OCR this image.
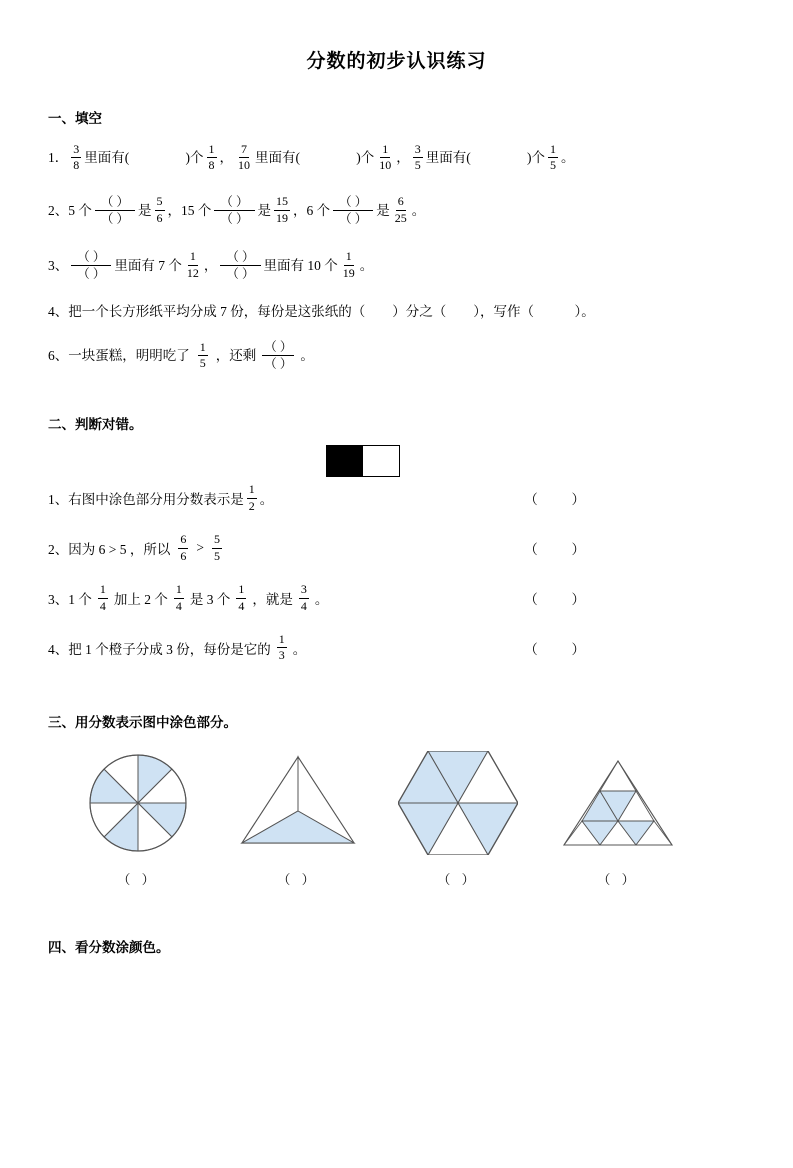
分数的初步认识练习
一、填空
1． $\frac{3}{8}$ 里面有(
	)个 $\frac{1}{8}$ ， $\frac{7}{10}$ 里面有(
	)个 $\frac{1}{10}$ ， $\frac{3}{5}$ 里面有(
	)个 $\frac{1}{5}$ 。
2、 5 个 $\frac{( )}{( )}$ 是 $\frac{5}{6}$ ，15 个 $\frac{( )}{( )}$ 是 $\frac{15}{19}$ ，6 个 $\frac{( )}{( )}$ 是 $\frac{6}{25}$ 。
3、 $\frac{( )}{( )}$ 里面有 7 个 $\frac{1}{12}$ ， $\frac{( )}{( )}$ 里面有 10 个 $\frac{1}{19}$ 。
4、把一个长方形纸平均分成 7 份，每份是这张纸的（        ）分之（        ），写作（            ）。
6、 一块蛋糕，明明吃了 $\frac{1}{5}$ ，还剩 $\frac{( )}{( )}$ 。
二、判断对错。
1、 右图中涂色部分用分数表示是 $\frac{1}{2}$ 。	（          ）
2、 因为 6 > 5 ，所以 $\frac{6}{6} > \frac{5}{5}$	（          ）
3、 1 个 $\frac{1}{4}$ 加上 2 个 $\frac{1}{4}$ 是 3 个 $\frac{1}{4}$ ，就是 $\frac{3}{4}$ 。	（          ）
4、 把 1 个橙子分成 3 份，每份是它的 $\frac{1}{3}$ 。	（          ）
三、用分数表示图中涂色部分。
（ ）	（ ）	（ ）	（ ）
四、看分数涂颜色。
